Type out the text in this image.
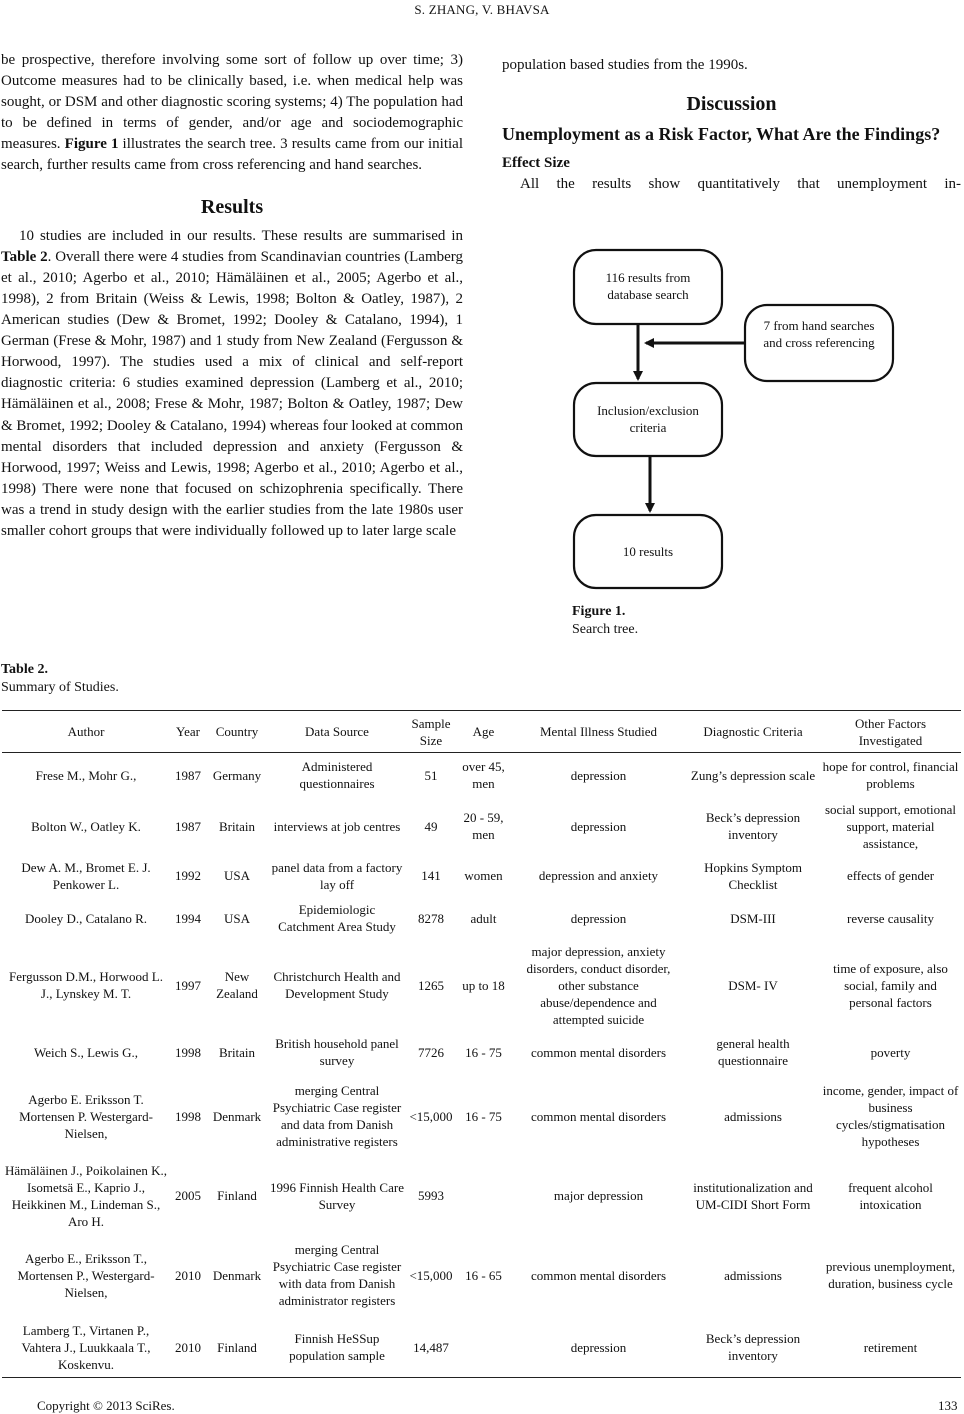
S. ZHANG, V. BHAVSA

be prospective, therefore involving some sort of follow up over time; 3) Outcome measures had to be clinically based, i.e. when medical help was sought, or DSM and other diagnostic scoring systems; 4) The population had to be defined in terms of gender, and/or age and sociodemographic measures. Figure 1 illustrates the search tree. 3 results came from our initial search, further results came from cross referencing and hand searches.

Results

10 studies are included in our results. These results are summarised in Table 2. Overall there were 4 studies from Scandinavian countries (Lamberg et al., 2010; Agerbo et al., 2010; Hämäläinen et al., 2005; Agerbo et al., 1998), 2 from Britain (Weiss & Lewis, 1998; Bolton & Oatley, 1987), 2 American studies (Dew & Bromet, 1992; Dooley & Catalano, 1994), 1 German (Frese & Mohr, 1987) and 1 study from New Zealand (Fergusson & Horwood, 1997). The studies used a mix of clinical and self-report diagnostic criteria: 6 studies examined depression (Lamberg et al., 2010; Hämäläinen et al., 2008; Frese & Mohr, 1987; Bolton & Oatley, 1987; Dew & Bromet, 1992; Dooley & Catalano, 1994) whereas four looked at common mental disorders that included depression and anxiety (Fergusson & Horwood, 1997; Weiss and Lewis, 1998; Agerbo et al., 2010; Agerbo et al., 1998) There were none that focused on schizophrenia specifically. There was a trend in study design with the earlier studies from the late 1980s user smaller cohort groups that were individually followed up to later large scale

population based studies from the 1990s.

Discussion
Unemployment as a Risk Factor, What Are the Findings?
Effect Size

All the results show quantitatively that unemployment in-

116 results from database search
7 from hand searches and cross referencing
Inclusion/exclusion criteria
10 results
Figure 1.
Search tree.
Table 2.
Summary of Studies.
Author	Year	Country	Data Source	Sample Size	Age	Mental Illness Studied	Diagnostic Criteria	Other Factors Investigated
Frese M., Mohr G.,	1987	Germany	Administered questionnaires	51	over 45, men	depression	Zung’s depression scale	hope for control, financial problems
Bolton W., Oatley K.	1987	Britain	interviews at job centres	49	20 - 59, men	depression	Beck’s depression inventory	social support, emotional support, material assistance,
Dew A. M., Bromet E. J. Penkower L.	1992	USA	panel data from a factory lay off	141	women	depression and anxiety	Hopkins Symptom Checklist	effects of gender
Dooley D., Catalano R.	1994	USA	Epidemiologic Catchment Area Study	8278	adult	depression	DSM-III	reverse causality
Fergusson D.M., Horwood L. J., Lynskey M. T.	1997	New Zealand	Christchurch Health and Development Study	1265	up to 18	major depression, anxiety disorders, conduct disorder, other substance abuse/dependence and attempted suicide	DSM- IV	time of exposure, also social, family and personal factors
Weich S., Lewis G.,	1998	Britain	British household panel survey	7726	16 - 75	common mental disorders	general health questionnaire	poverty
Agerbo E. Eriksson T. Mortensen P. Westergard-Nielsen,	1998	Denmark	merging Central Psychiatric Case register and data from Danish administrative registers	<15,000	16 - 75	common mental disorders	admissions	income, gender, impact of business cycles/stigmatisation hypotheses
Hämäläinen J., Poikolainen K., Isometsä E., Kaprio J., Heikkinen M., Lindeman S., Aro H.	2005	Finland	1996 Finnish Health Care Survey	5993		major depression	institutionalization and UM-CIDI Short Form	frequent alcohol intoxication
Agerbo E., Eriksson T., Mortensen P., Westergard-Nielsen,	2010	Denmark	merging Central Psychiatric Case register with data from Danish administrator registers	<15,000	16 - 65	common mental disorders	admissions	previous unemployment, duration, business cycle
Lamberg T., Virtanen P., Vahtera J., Luukkaala T., Koskenvu.	2010	Finland	Finnish HeSSup population sample	14,487		depression	Beck’s depression inventory	retirement
Copyright © 2013 SciRes.	133
